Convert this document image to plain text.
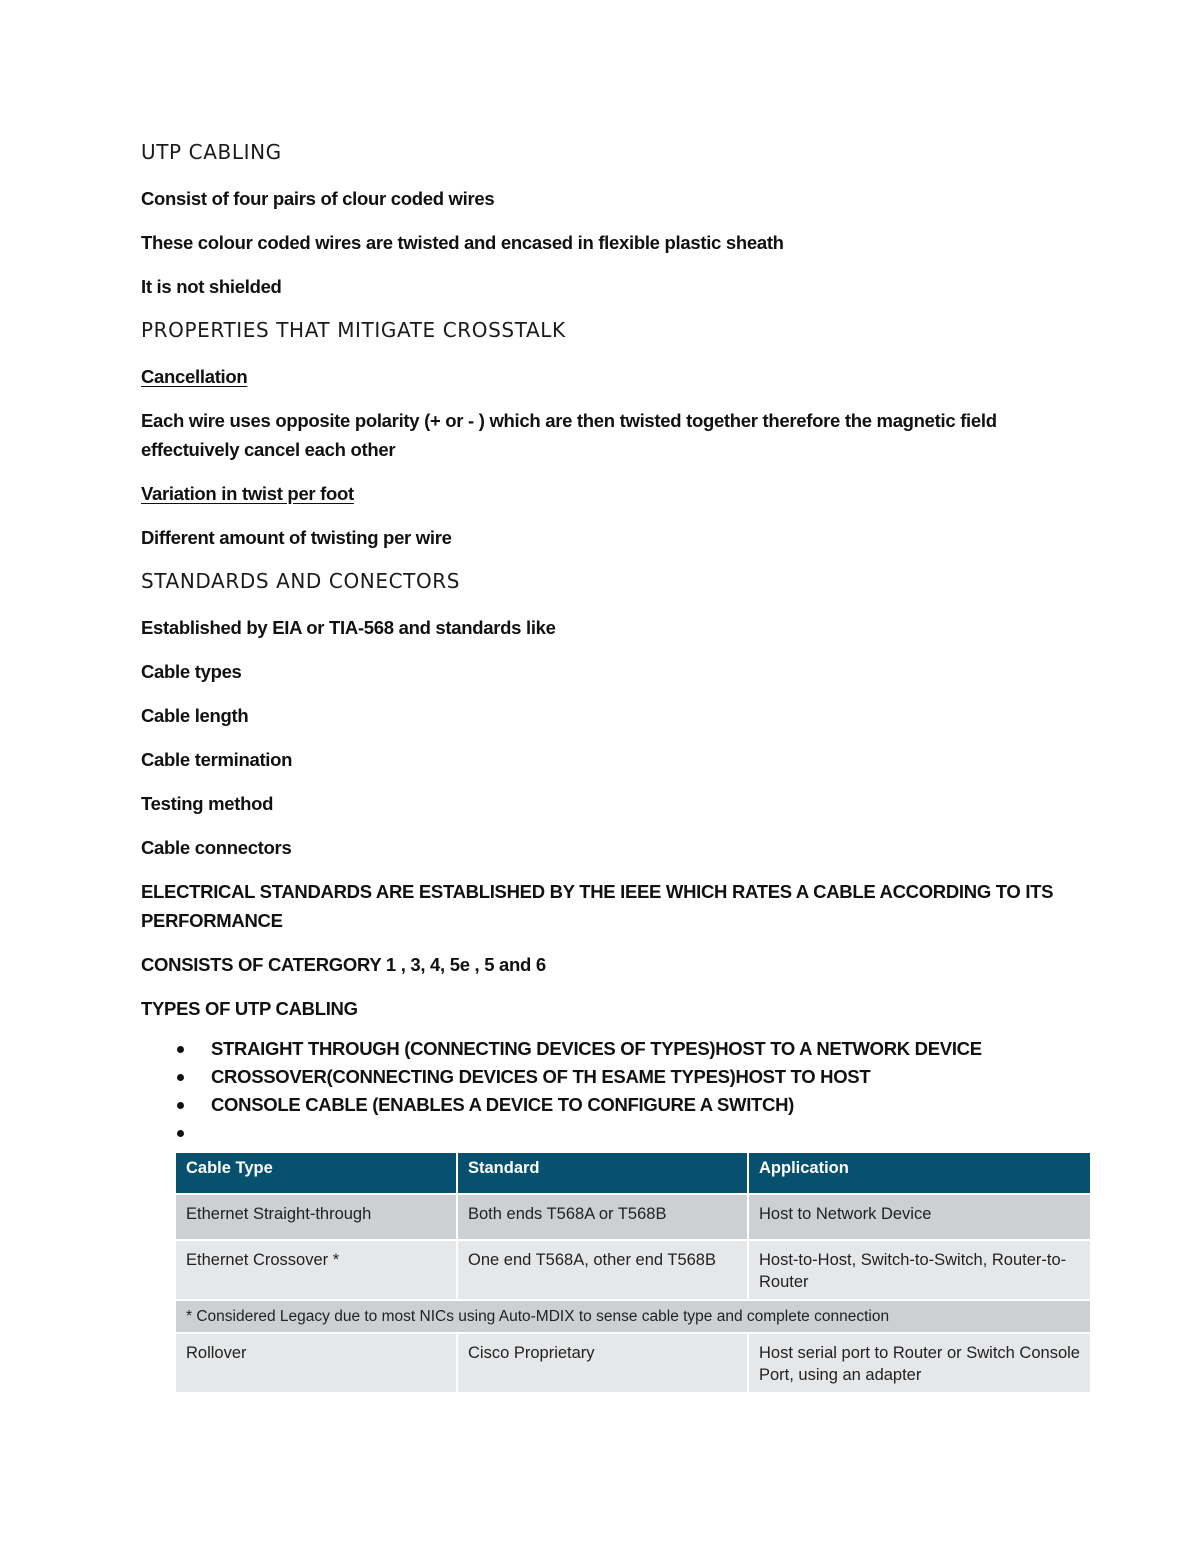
UTP CABLING
Consist of four pairs of clour coded wires
These colour coded wires are twisted and encased in flexible plastic sheath
It is not shielded
PROPERTIES THAT MITIGATE CROSSTALK
Cancellation
Each wire uses opposite polarity (+ or - ) which are then twisted together therefore the magnetic field effectuively cancel each other
Variation in twist per foot
Different amount of twisting per wire
STANDARDS AND CONECTORS
Established by EIA or TIA-568 and standards like
Cable types
Cable length
Cable termination
Testing method
Cable connectors
ELECTRICAL STANDARDS ARE ESTABLISHED BY THE IEEE WHICH RATES A CABLE ACCORDING TO ITS PERFORMANCE
CONSISTS OF CATERGORY 1 , 3, 4, 5e , 5 and 6
TYPES OF UTP CABLING
STRAIGHT THROUGH (CONNECTING DEVICES OF TYPES)HOST TO A NETWORK DEVICE
CROSSOVER(CONNECTING DEVICES OF TH ESAME TYPES)HOST TO HOST
CONSOLE CABLE (ENABLES A DEVICE TO CONFIGURE A SWITCH)
Cable Type	Standard	Application
Ethernet Straight-through	Both ends T568A or T568B	Host to Network Device
Ethernet Crossover *	One end T568A, other end T568B	Host-to-Host, Switch-to-Switch, Router-to-Router
* Considered Legacy due to most NICs using Auto-MDIX to sense cable type and complete connection		
Rollover	Cisco Proprietary	Host serial port to Router or Switch Console Port, using an adapter
